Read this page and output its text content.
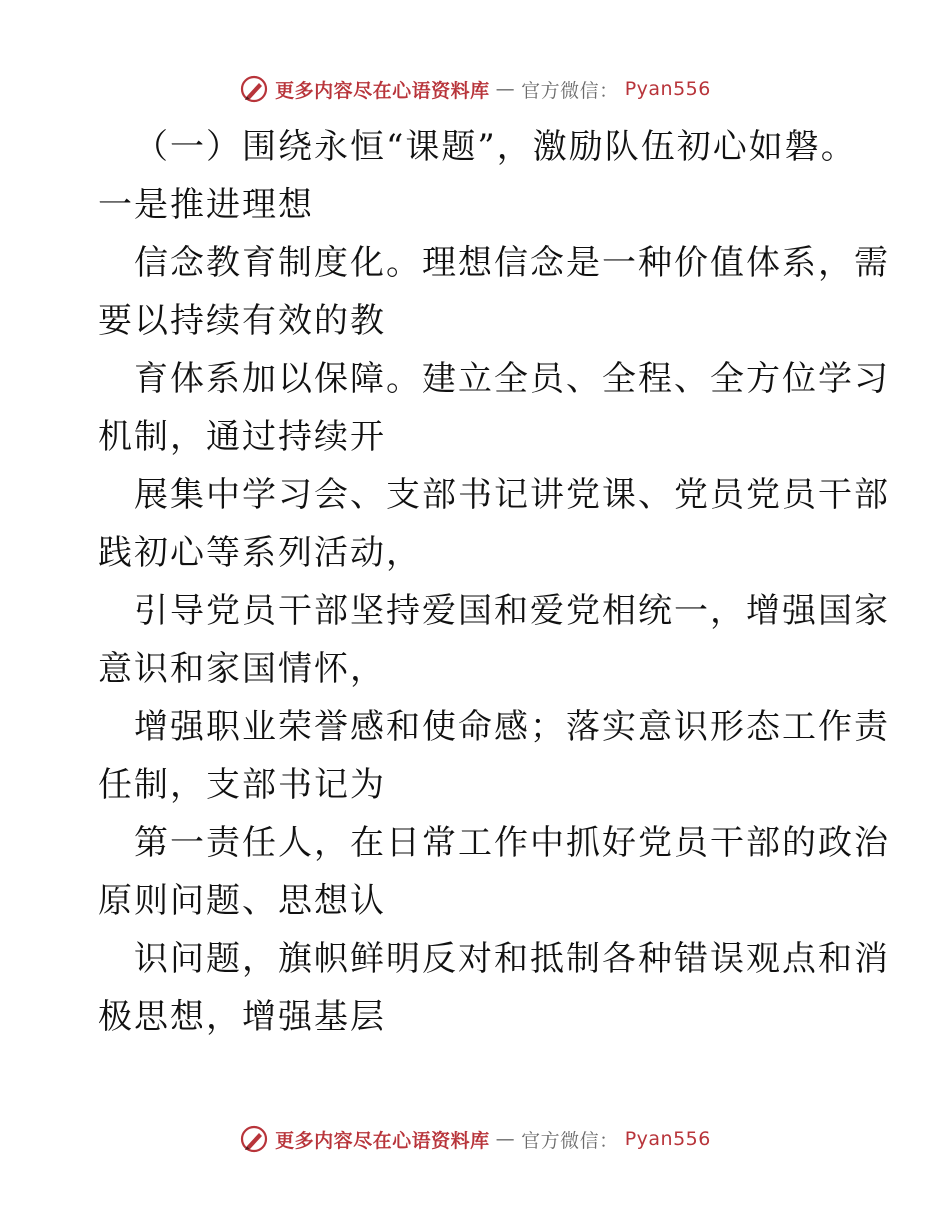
更多内容尽在心语资料库 — 官方微信： Pyan556

（一）围绕永恒“课题”，激励队伍初心如磐。

一是推进理想

信念教育制度化。理想信念是一种价值体系，需

要以持续有效的教

育体系加以保障。建立全员、全程、全方位学习

机制，通过持续开

展集中学习会、支部书记讲党课、党员党员干部

践初心等系列活动，

引导党员干部坚持爱国和爱党相统一，增强国家

意识和家国情怀，

增强职业荣誉感和使命感；落实意识形态工作责

任制，支部书记为

第一责任人，在日常工作中抓好党员干部的政治

原则问题、思想认

识问题，旗帜鲜明反对和抵制各种错误观点和消

极思想，增强基层

更多内容尽在心语资料库 — 官方微信： Pyan556
